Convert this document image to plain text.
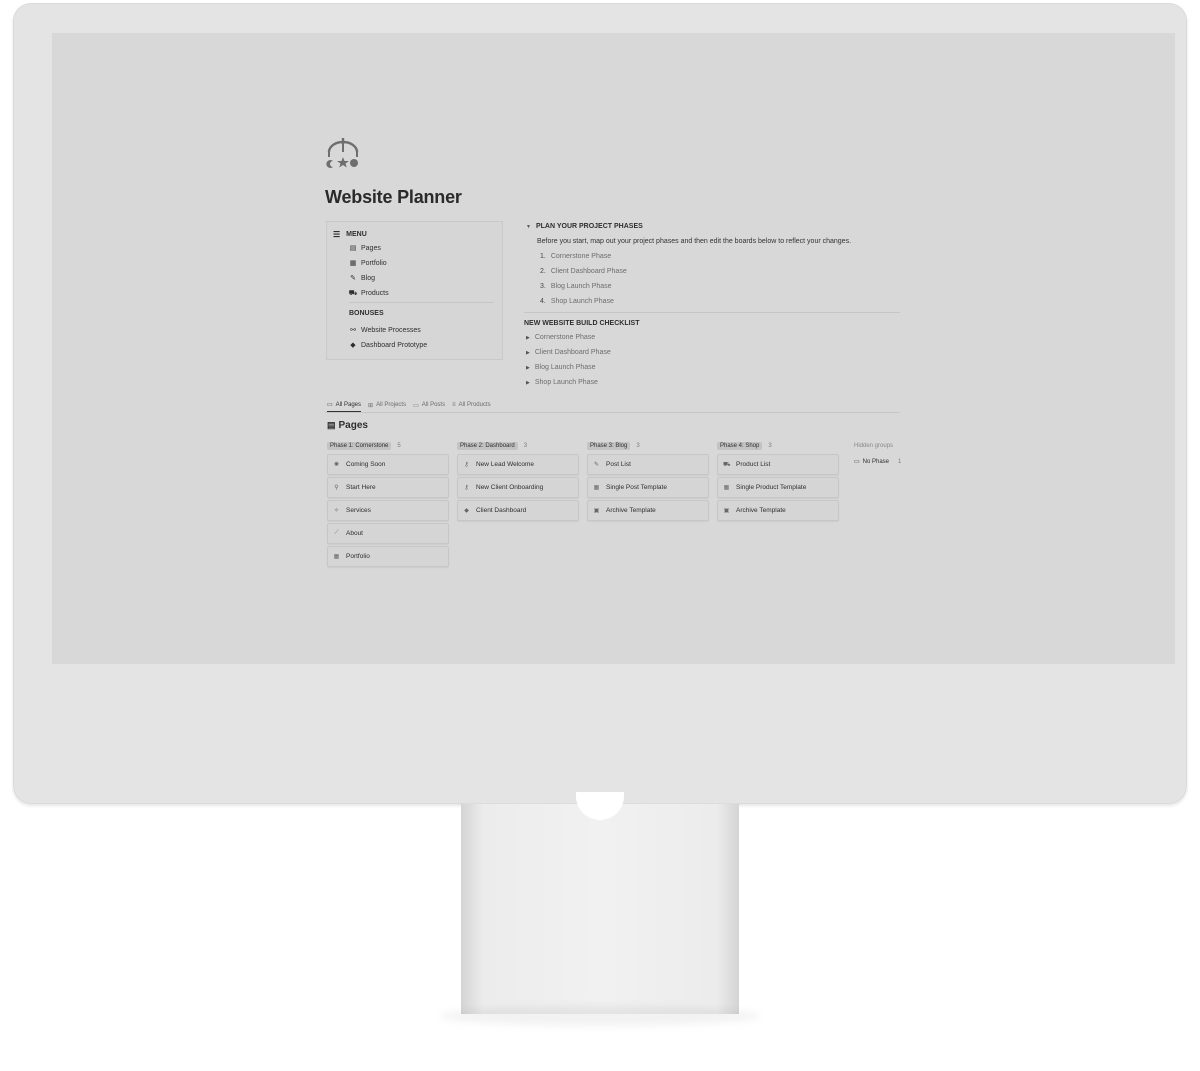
Website Planner
☰ MENU
▤ Pages
▦ Portfolio
✎ Blog
⛟ Products
BONUSES
⚯ Website Processes
◆ Dashboard Prototype
▼ PLAN YOUR PROJECT PHASES
Before you start, map out your project phases and then edit the boards below to reflect your changes.
1. Cornerstone Phase
2. Client Dashboard Phase
3. Blog Launch Phase
4. Shop Launch Phase
NEW WEBSITE BUILD CHECKLIST
▶ Cornerstone Phase
▶ Client Dashboard Phase
▶ Blog Launch Phase
▶ Shop Launch Phase
▭ All Pages ⊞ All Projects ▭ All Posts ≡ All Products
▤ Pages
Phase 1: Cornerstone	5
✺ Coming Soon
⚲ Start Here
✧ Services
⟋ About
▦ Portfolio
Phase 2: Dashboard	3
⚷ New Lead Welcome
⚷ New Client Onboarding
◆ Client Dashboard
Phase 3: Blog	3
✎ Post List
▦ Single Post Template
▣ Archive Template
Phase 4: Shop	3
⛟ Product List
▦ Single Product Template
▣ Archive Template
Hidden groups
▭ No Phase 1
